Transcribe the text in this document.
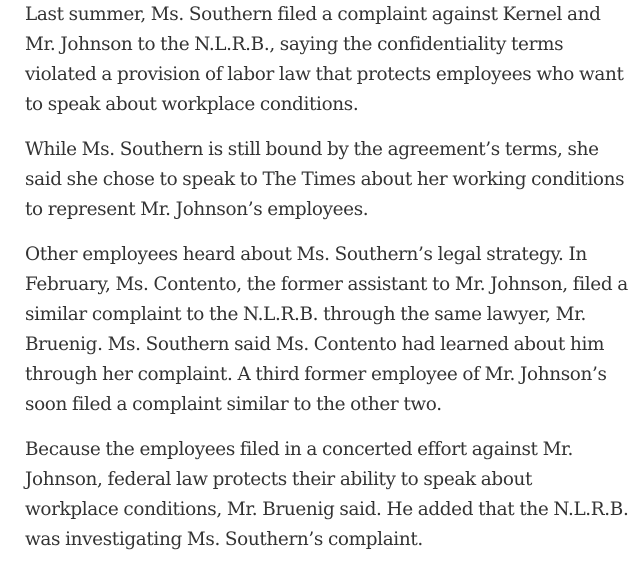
Last summer, Ms. Southern filed a complaint against Kernel and
Mr. Johnson to the N.L.R.B., saying the confidentiality terms
violated a provision of labor law that protects employees who want
to speak about workplace conditions.

While Ms. Southern is still bound by the agreement’s terms, she
said she chose to speak to The Times about her working conditions
to represent Mr. Johnson’s employees.

Other employees heard about Ms. Southern’s legal strategy. In
February, Ms. Contento, the former assistant to Mr. Johnson, filed a
similar complaint to the N.L.R.B. through the same lawyer, Mr.
Bruenig. Ms. Southern said Ms. Contento had learned about him
through her complaint. A third former employee of Mr. Johnson’s
soon filed a complaint similar to the other two.

Because the employees filed in a concerted effort against Mr.
Johnson, federal law protects their ability to speak about
workplace conditions, Mr. Bruenig said. He added that the N.L.R.B.
was investigating Ms. Southern’s complaint.
